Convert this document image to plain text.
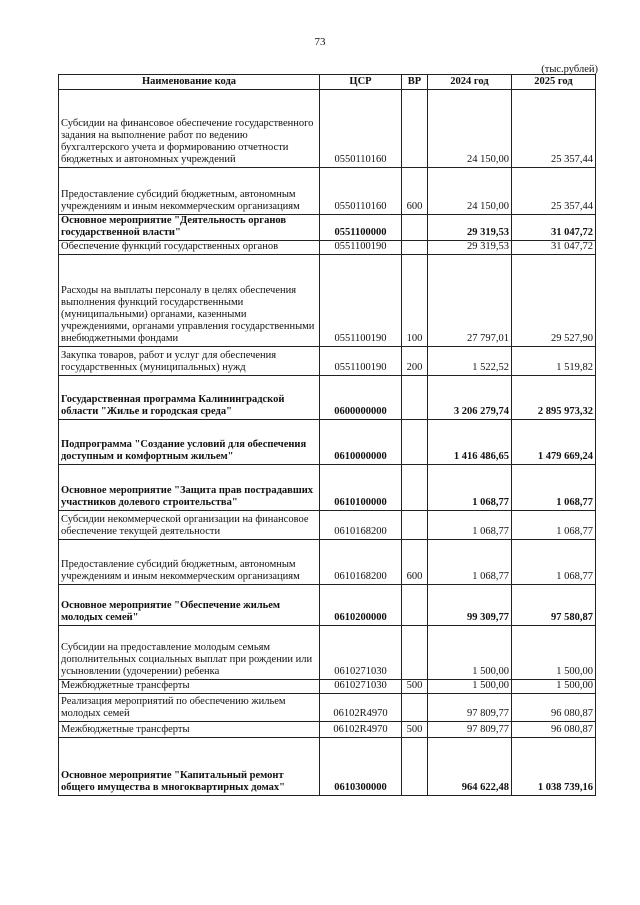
73
(тыс.рублей)
Наименование кода	ЦСР	ВР	2024 год	2025 год
Субсидии на финансовое обеспечение государственного задания на выполнение работ по ведению бухгалтерского учета и формированию отчетности бюджетных и автономных учреждений	0550110160		24 150,00	25 357,44
Предоставление субсидий бюджетным, автономным учреждениям и иным некоммерческим организациям	0550110160	600	24 150,00	25 357,44
Основное мероприятие "Деятельность органов государственной власти"	0551100000		29 319,53	31 047,72
Обеспечение функций государственных органов	0551100190		29 319,53	31 047,72
Расходы на выплаты персоналу в целях обеспечения выполнения функций государственными (муниципальными) органами, казенными учреждениями, органами управления государственными внебюджетными фондами	0551100190	100	27 797,01	29 527,90
Закупка товаров, работ и услуг для обеспечения государственных (муниципальных) нужд	0551100190	200	1 522,52	1 519,82
Государственная программа Калининградской области "Жилье и городская среда"	0600000000		3 206 279,74	2 895 973,32
Подпрограмма "Создание условий для обеспечения доступным и комфортным жильем"	0610000000		1 416 486,65	1 479 669,24
Основное мероприятие "Защита прав пострадавших участников долевого строительства"	0610100000		1 068,77	1 068,77
Субсидии некоммерческой организации на финансовое обеспечение текущей деятельности	0610168200		1 068,77	1 068,77
Предоставление субсидий бюджетным, автономным учреждениям и иным некоммерческим организациям	0610168200	600	1 068,77	1 068,77
Основное мероприятие "Обеспечение жильем молодых семей"	0610200000		99 309,77	97 580,87
Субсидии на предоставление молодым семьям дополнительных социальных выплат при рождении или усыновлении (удочерении) ребенка	0610271030		1 500,00	1 500,00
Межбюджетные трансферты	0610271030	500	1 500,00	1 500,00
Реализация мероприятий по обеспечению жильем молодых семей	06102R4970		97 809,77	96 080,87
Межбюджетные трансферты	06102R4970	500	97 809,77	96 080,87
Основное мероприятие "Капитальный ремонт общего имущества в многоквартирных домах"	0610300000		964 622,48	1 038 739,16
